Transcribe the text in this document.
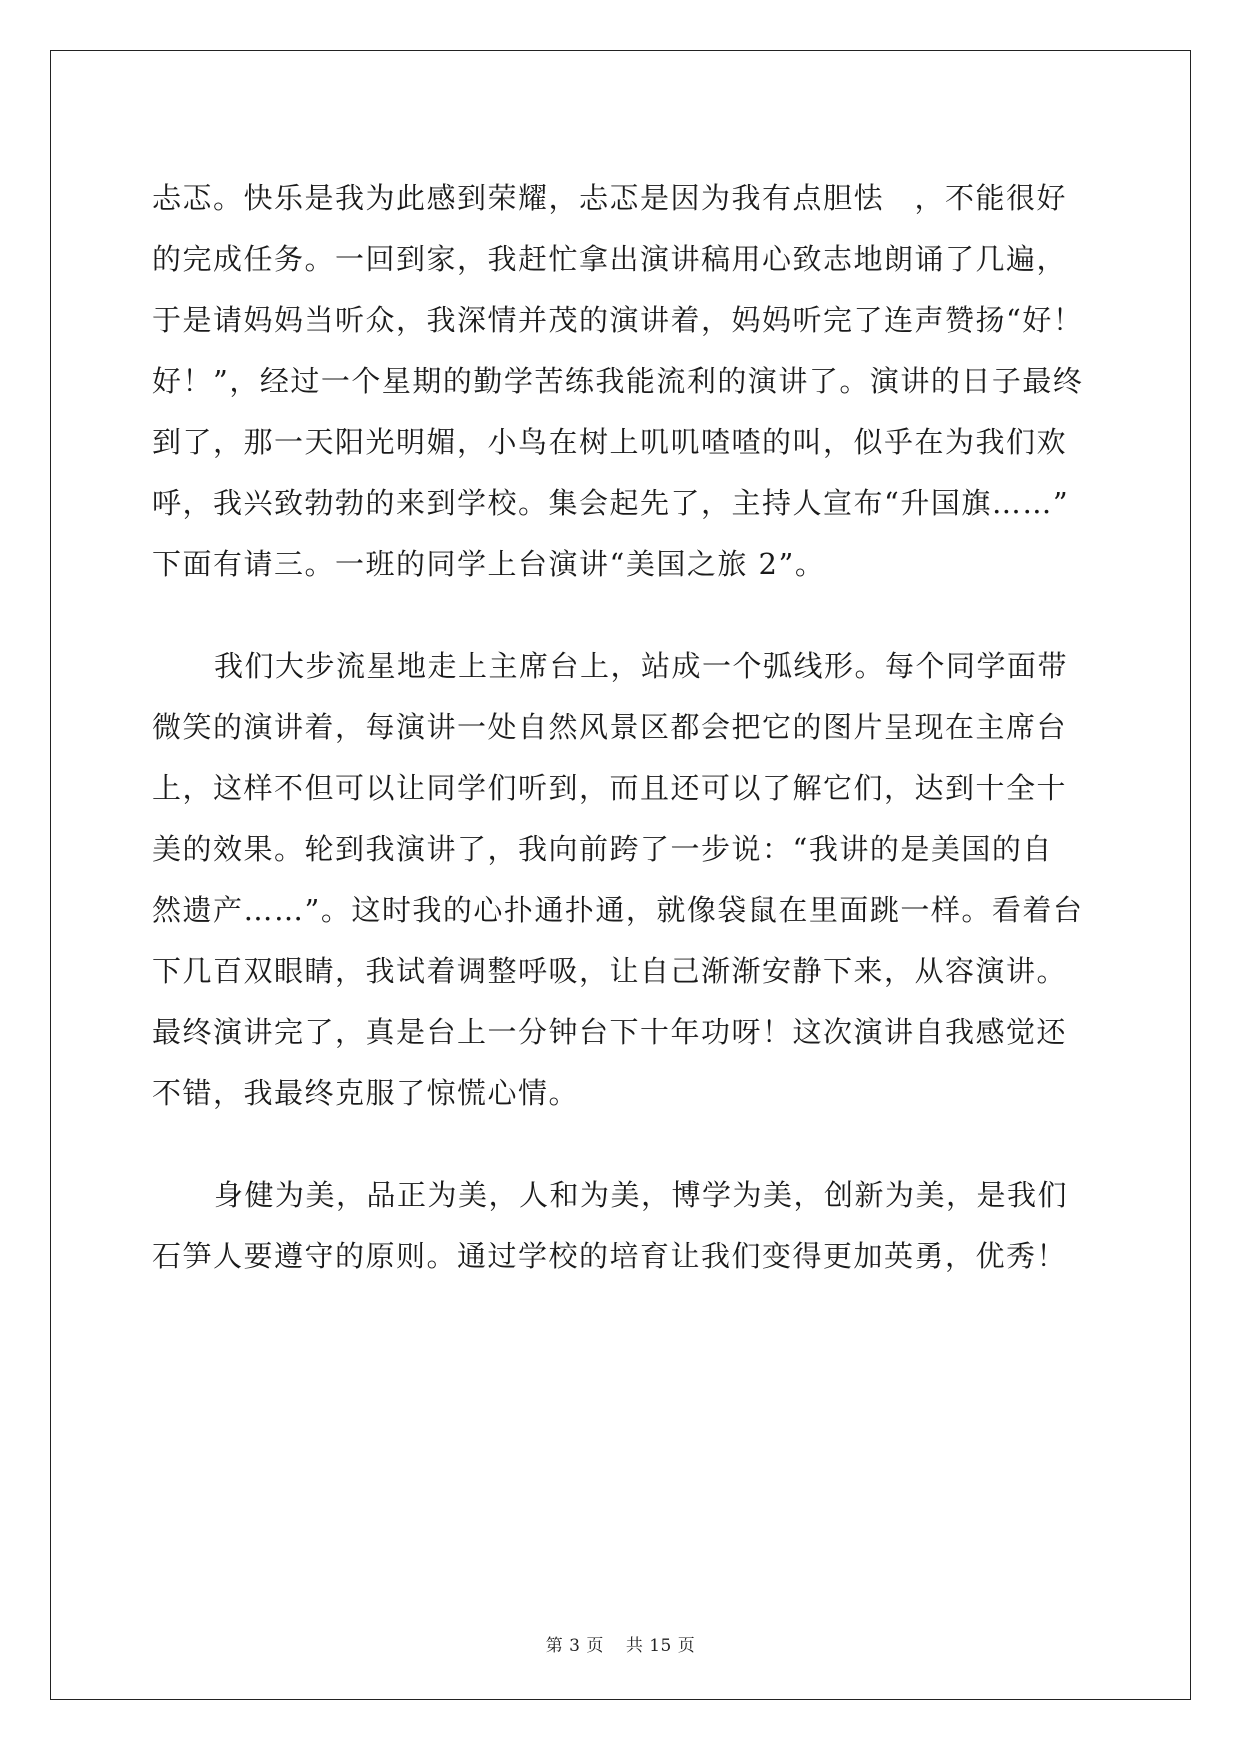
忐忑。快乐是我为此感到荣耀，忐忑是因为我有点胆怯　，不能很好
的完成任务。一回到家，我赶忙拿出演讲稿用心致志地朗诵了几遍，
于是请妈妈当听众，我深情并茂的演讲着，妈妈听完了连声赞扬“好！
好！”，经过一个星期的勤学苦练我能流利的演讲了。演讲的日子最终
到了，那一天阳光明媚，小鸟在树上叽叽喳喳的叫，似乎在为我们欢
呼，我兴致勃勃的来到学校。集会起先了，主持人宣布“升国旗……”
下面有请三。一班的同学上台演讲“美国之旅 2”。
我们大步流星地走上主席台上，站成一个弧线形。每个同学面带
微笑的演讲着，每演讲一处自然风景区都会把它的图片呈现在主席台
上，这样不但可以让同学们听到，而且还可以了解它们，达到十全十
美的效果。轮到我演讲了，我向前跨了一步说：“我讲的是美国的自
然遗产……”。这时我的心扑通扑通，就像袋鼠在里面跳一样。看着台
下几百双眼睛，我试着调整呼吸，让自己渐渐安静下来，从容演讲。
最终演讲完了，真是台上一分钟台下十年功呀！这次演讲自我感觉还
不错，我最终克服了惊慌心情。
身健为美，品正为美，人和为美，博学为美，创新为美，是我们
石笋人要遵守的原则。通过学校的培育让我们变得更加英勇，优秀！
第 3 页 共 15 页
